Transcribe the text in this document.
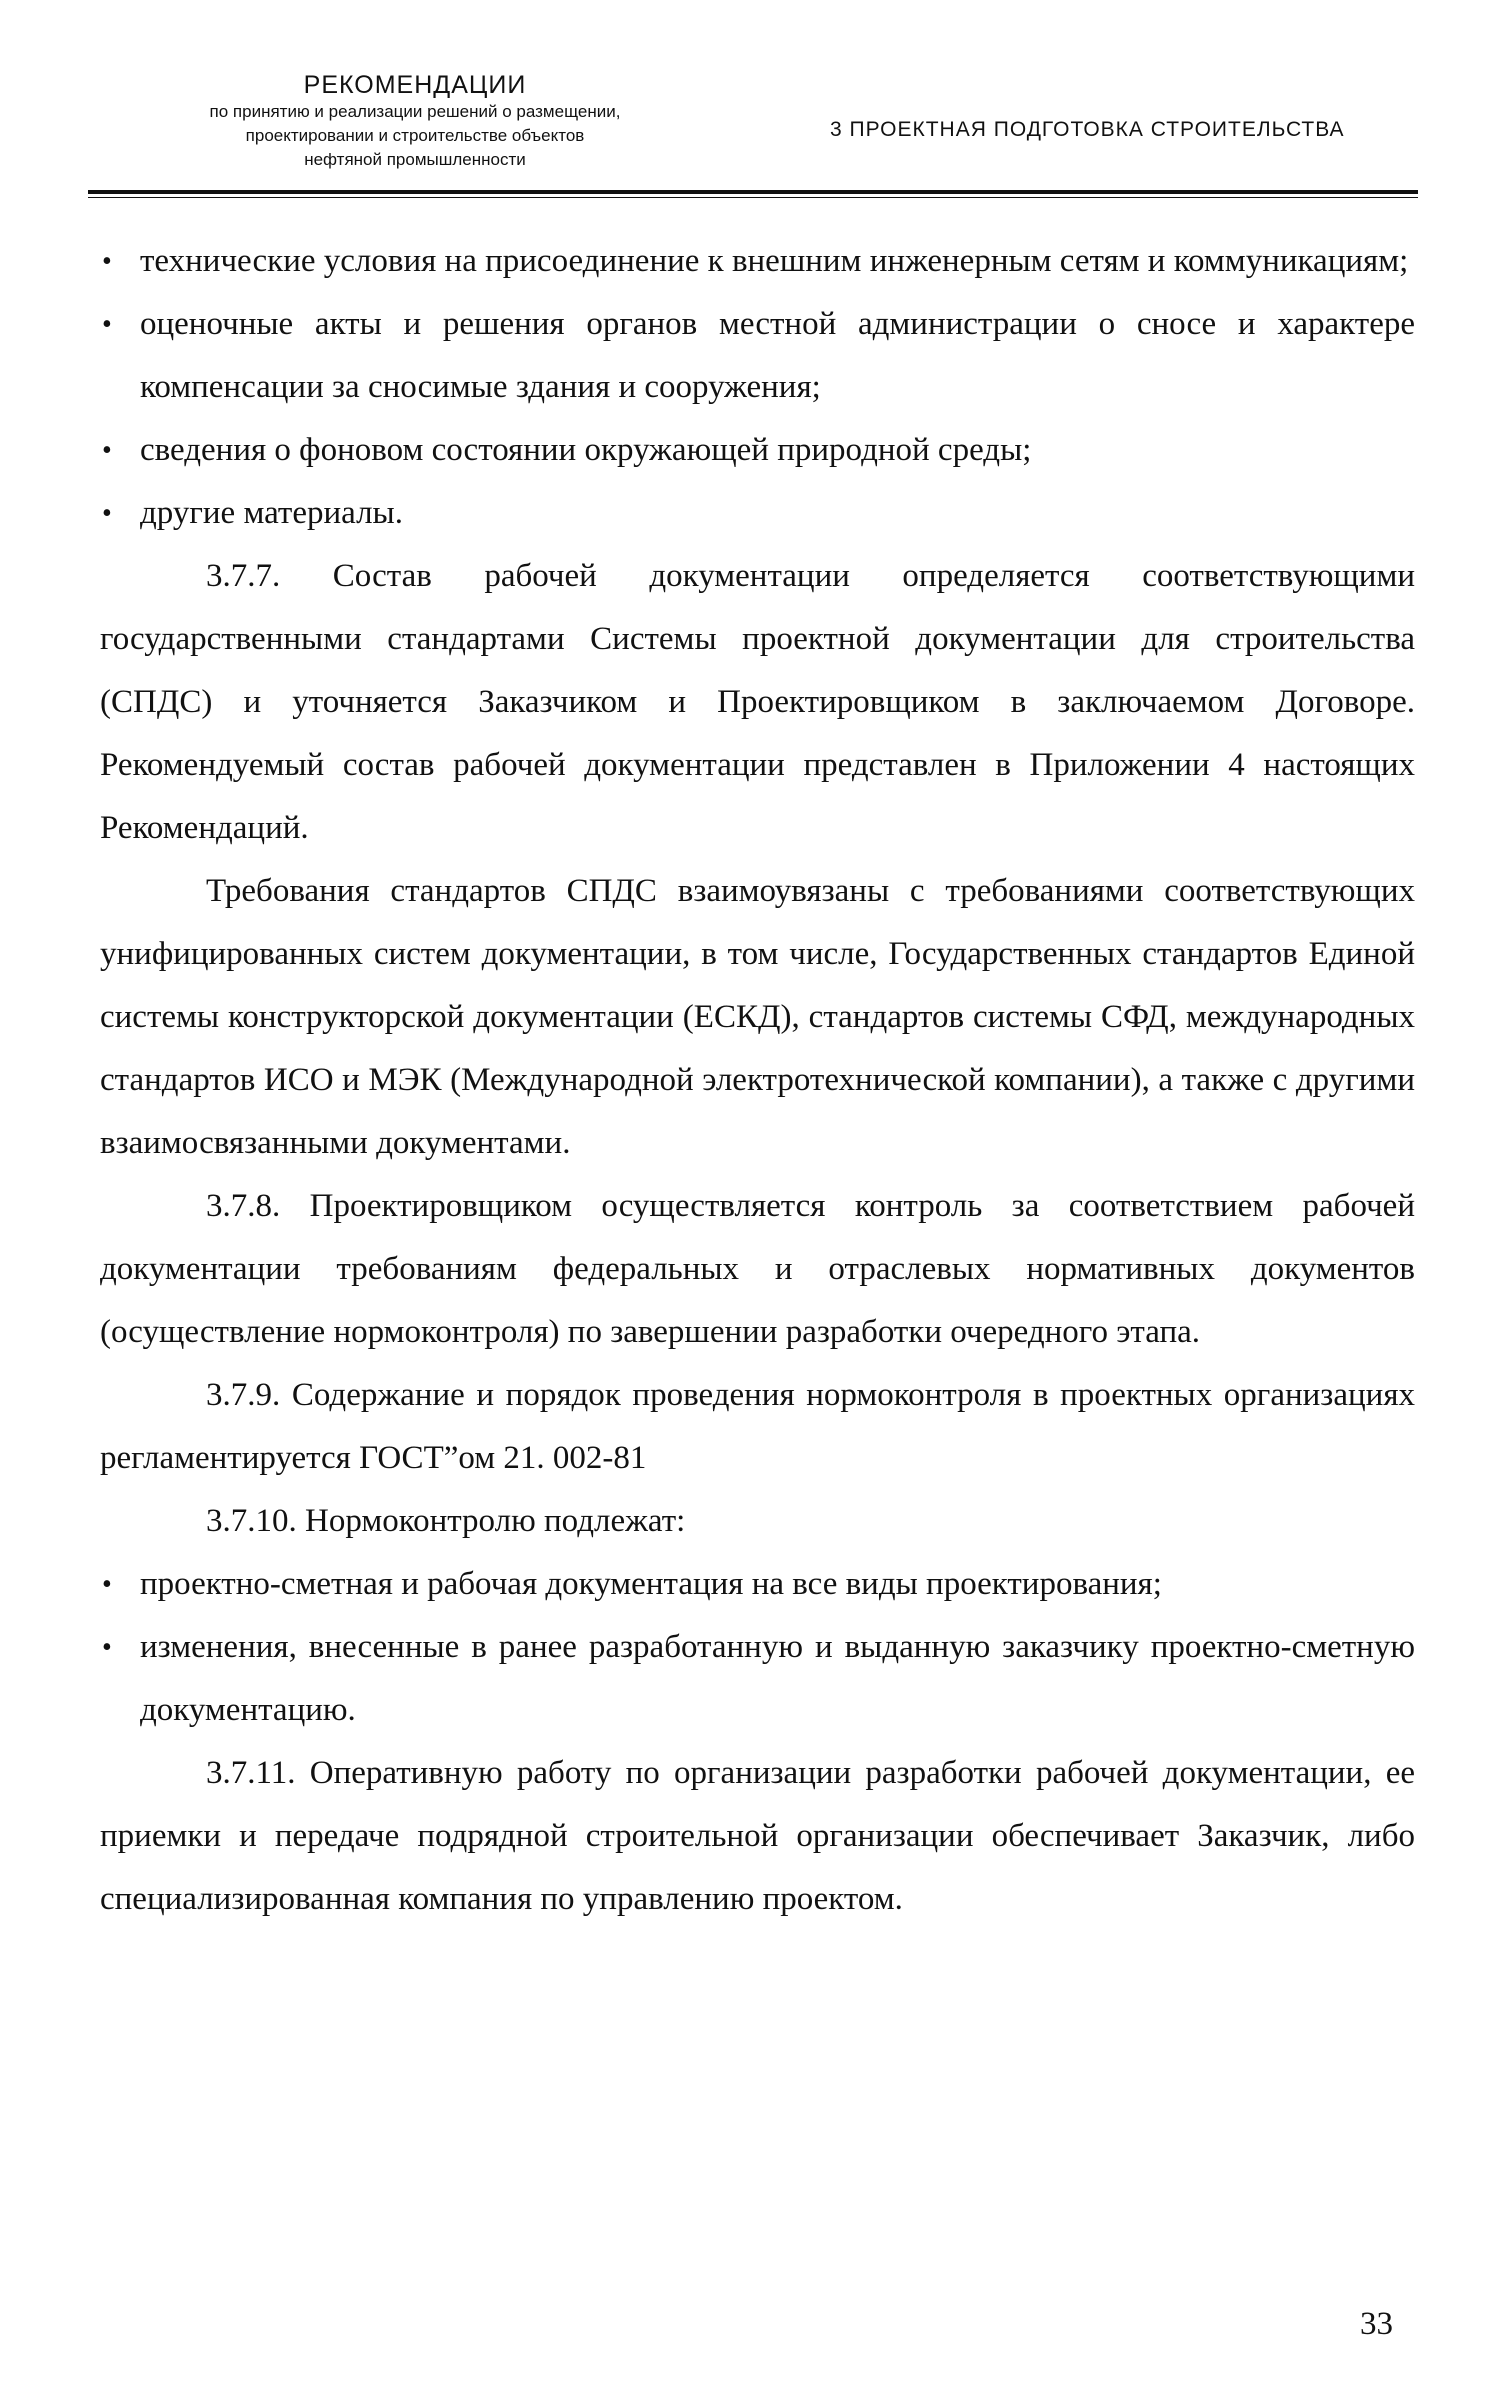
РЕКОМЕНДАЦИИ
по принятию и реализации решений о размещении,
проектировании и строительстве объектов
нефтяной промышленности
3 ПРОЕКТНАЯ ПОДГОТОВКА СТРОИТЕЛЬСТВА
• технические условия на присоединение к внешним инженерным сетям и коммуникациям;
• оценочные акты и решения органов местной администрации о сносе и характере компенсации за сносимые здания и сооружения;
• сведения о фоновом состоянии окружающей природной среды;
• другие материалы.

3.7.7. Состав рабочей документации определяется соответствующими государственными стандартами Системы проектной документации для строительства (СПДС) и уточняется Заказчиком и Проектировщиком в заключаемом Договоре. Рекомендуемый состав рабочей документации представлен в Приложении 4 настоящих Рекомендаций.

Требования стандартов СПДС взаимоувязаны с требованиями соответствующих унифицированных систем документации, в том числе, Государственных стандартов Единой системы конструкторской документации (ЕСКД), стандартов системы СФД, международных стандартов ИСО и МЭК (Международной электротехнической компании), а также с другими взаимосвязанными документами.

3.7.8. Проектировщиком осуществляется контроль за соответствием рабочей документации требованиям федеральных и отраслевых нормативных документов (осуществление нормоконтроля) по завершении разработки очередного этапа.

3.7.9. Содержание и порядок проведения нормоконтроля в проектных организациях регламентируется ГОСТ”ом 21. 002-81

3.7.10. Нормоконтролю подлежат:

• проектно-сметная и рабочая документация на все виды проектирования;
• изменения, внесенные в ранее разработанную и выданную заказчику проектно-сметную документацию.

3.7.11. Оперативную работу по организации разработки рабочей документации, ее приемки и передаче подрядной строительной организации обеспечивает Заказчик, либо специализированная компания по управлению проектом.

33
